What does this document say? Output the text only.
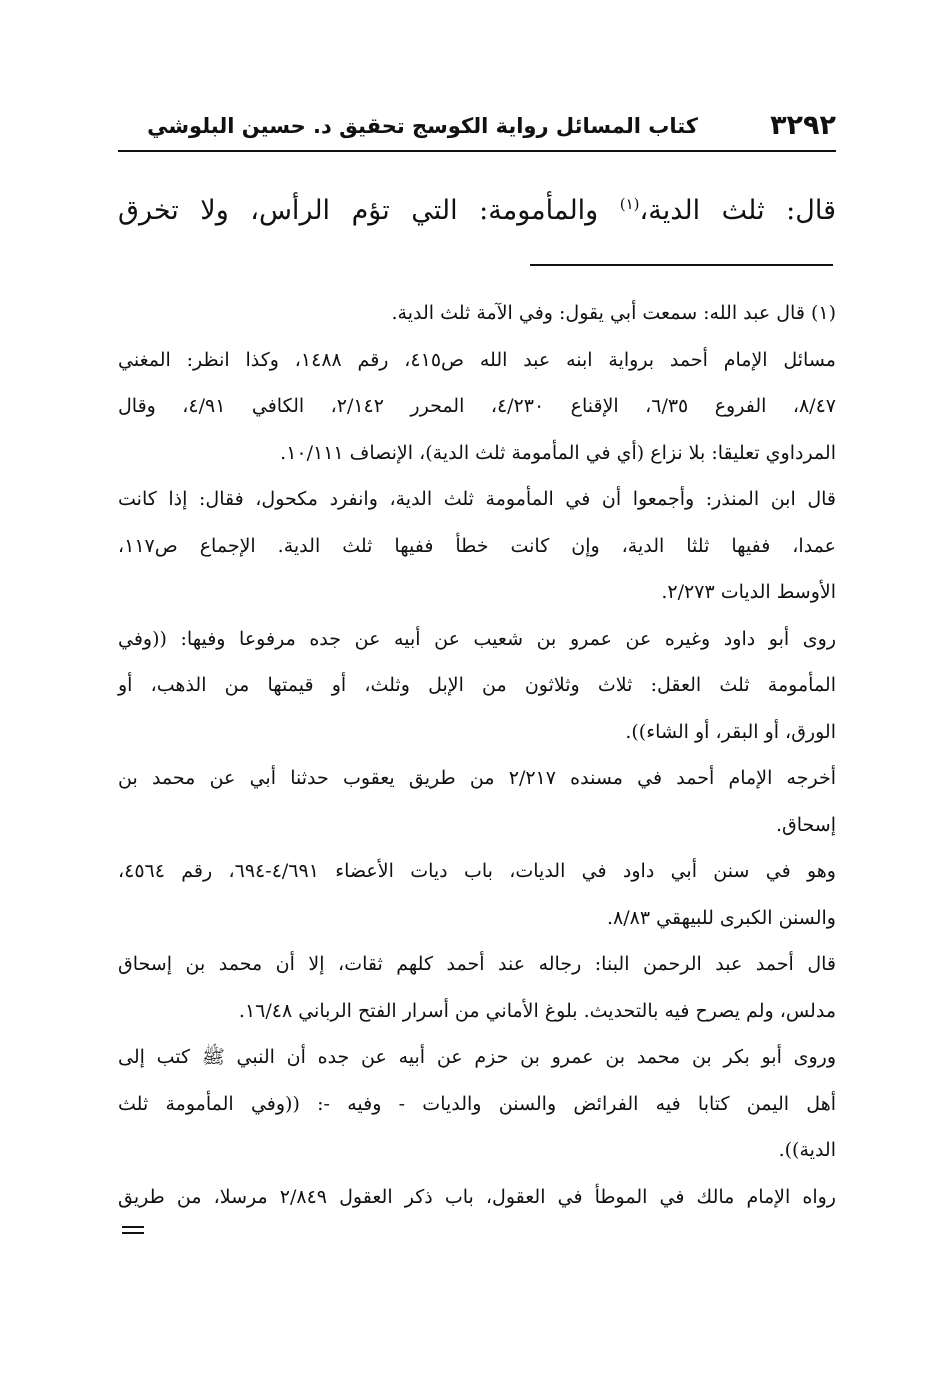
٣٢٩٢
كتاب المسائل رواية الكوسج تحقيق د. حسين البلوشي
قال: ثلث الدية،$^{(١)}$ والمأمومة: التي تؤم الرأس، ولا تخرق
(١) قال عبد الله: سمعت أبي يقول: وفي الآمة ثلث الدية.
مسائل الإمام أحمد برواية ابنه عبد الله ص٤١٥، رقم ١٤٨٨، وكذا انظر: المغني
٨/٤٧، الفروع ٦/٣٥، الإقناع ٤/٢٣٠، المحرر ٢/١٤٢، الكافي ٤/٩١، وقال
المرداوي تعليقا: بلا نزاع (أي في المأمومة ثلث الدية)، الإنصاف ١٠/١١١.
قال ابن المنذر: وأجمعوا أن في المأمومة ثلث الدية، وانفرد مكحول، فقال: إذا كانت
عمدا، ففيها ثلثا الدية، وإن كانت خطأ ففيها ثلث الدية. الإجماع ص١١٧،
الأوسط الديات ٢/٢٧٣.
روى أبو داود وغيره عن عمرو بن شعيب عن أبيه عن جده مرفوعا وفيها: ((وفي
المأمومة ثلث العقل: ثلاث وثلاثون من الإبل وثلث، أو قيمتها من الذهب، أو
الورق، أو البقر، أو الشاء)).
أخرجه الإمام أحمد في مسنده ٢/٢١٧ من طريق يعقوب حدثنا أبي عن محمد بن
إسحاق.
وهو في سنن أبي داود في الديات، باب ديات الأعضاء ٤/٦٩١-٦٩٤، رقم ٤٥٦٤،
والسنن الكبرى للبيهقي ٨/٨٣.
قال أحمد عبد الرحمن البنا: رجاله عند أحمد كلهم ثقات، إلا أن محمد بن إسحاق
مدلس، ولم يصرح فيه بالتحديث. بلوغ الأماني من أسرار الفتح الرباني ١٦/٤٨.
وروى أبو بكر بن محمد بن عمرو بن حزم عن أبيه عن جده أن النبي ﷺ كتب إلى
أهل اليمن كتابا فيه الفرائض والسنن والديات - وفيه -: ((وفي المأمومة ثلث
الدية)).
رواه الإمام مالك في الموطأ في العقول، باب ذكر العقول ٢/٨٤٩ مرسلا، من طريق
